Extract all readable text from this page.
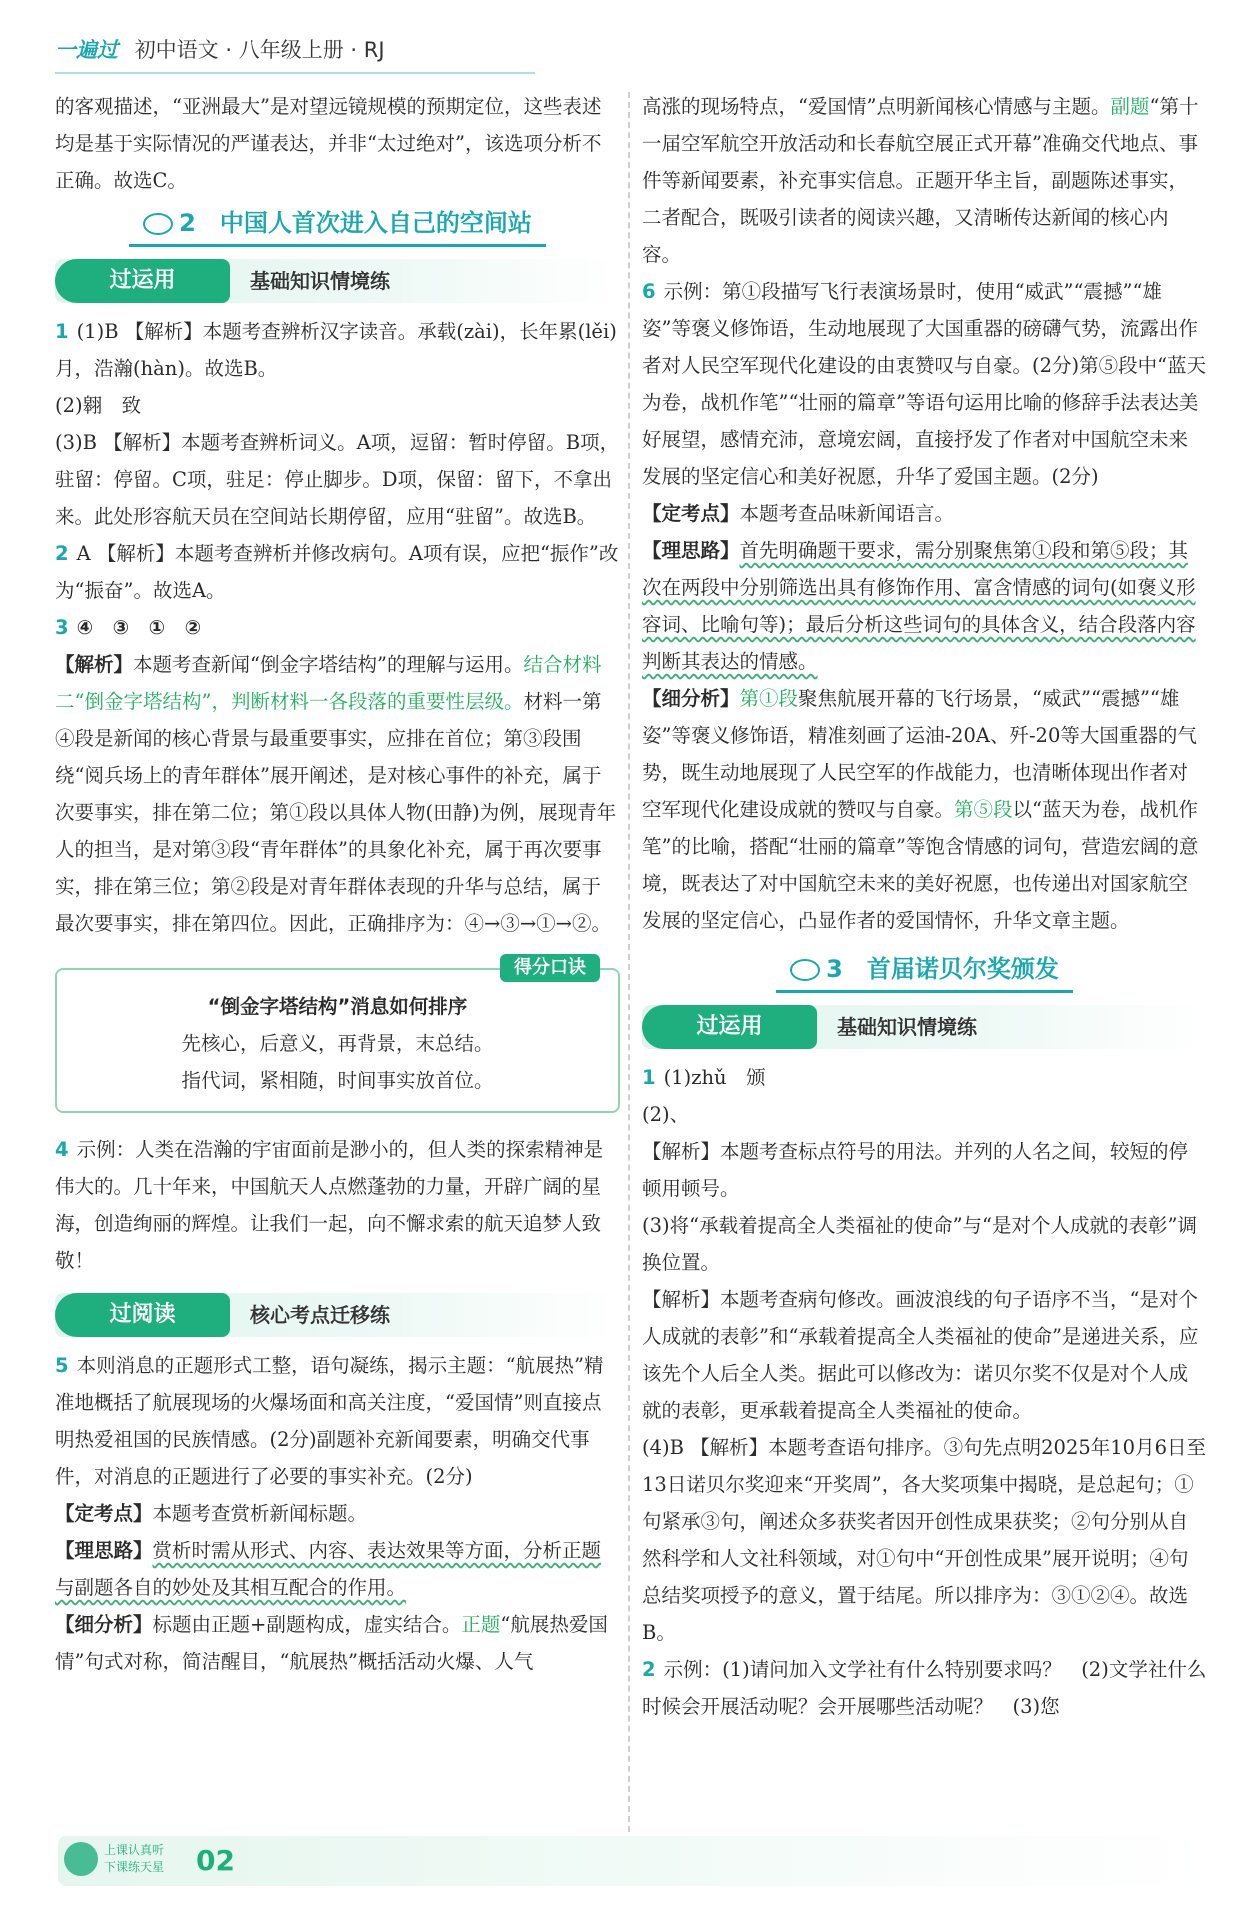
一遍过 初中语文 · 八年级上册 · RJ

的客观描述，“亚洲最大”是对望远镜规模的预期定位，这些表述均是基于实际情况的严谨表达，并非“太过绝对”，该选项分析不正确。故选C。

2　中国人首次进入自己的空间站
过运用	基础知识情境练

1 (1)B 【解析】本题考查辨析汉字读音。承载(zài)，长年累(lěi)月，浩瀚(hàn)。故选B。

(2)翱　致

(3)B 【解析】本题考查辨析词义。A项，逗留：暂时停留。B项，驻留：停留。C项，驻足：停止脚步。D项，保留：留下，不拿出来。此处形容航天员在空间站长期停留，应用“驻留”。故选B。

2 A 【解析】本题考查辨析并修改病句。A项有误，应把“振作”改为“振奋”。故选A。

3 ④　③　①　②

【解析】本题考查新闻“倒金字塔结构”的理解与运用。结合材料二“倒金字塔结构”，判断材料一各段落的重要性层级。材料一第④段是新闻的核心背景与最重要事实，应排在首位；第③段围绕“阅兵场上的青年群体”展开阐述，是对核心事件的补充，属于次要事实，排在第二位；第①段以具体人物(田静)为例，展现青年人的担当，是对第③段“青年群体”的具象化补充，属于再次要事实，排在第三位；第②段是对青年群体表现的升华与总结，属于最次要事实，排在第四位。因此，正确排序为：④→③→①→②。

得分口诀

“倒金字塔结构”消息如何排序

先核心，后意义，再背景，末总结。

指代词，紧相随，时间事实放首位。

4 示例：人类在浩瀚的宇宙面前是渺小的，但人类的探索精神是伟大的。几十年来，中国航天人点燃蓬勃的力量，开辟广阔的星海，创造绚丽的辉煌。让我们一起，向不懈求索的航天追梦人致敬！

过阅读	核心考点迁移练

5 本则消息的正题形式工整，语句凝练，揭示主题：“航展热”精准地概括了航展现场的火爆场面和高关注度，“爱国情”则直接点明热爱祖国的民族情感。(2分)副题补充新闻要素，明确交代事件，对消息的正题进行了必要的事实补充。(2分)

【定考点】本题考查赏析新闻标题。

【理思路】赏析时需从形式、内容、表达效果等方面，分析正题与副题各自的妙处及其相互配合的作用。

【细分析】标题由正题+副题构成，虚实结合。正题“航展热爱国情”句式对称，简洁醒目，“航展热”概括活动火爆、人气

高涨的现场特点，“爱国情”点明新闻核心情感与主题。副题“第十一届空军航空开放活动和长春航空展正式开幕”准确交代地点、事件等新闻要素，补充事实信息。正题开华主旨，副题陈述事实，二者配合，既吸引读者的阅读兴趣，又清晰传达新闻的核心内容。

6 示例：第①段描写飞行表演场景时，使用“威武”“震撼”“雄姿”等褒义修饰语，生动地展现了大国重器的磅礴气势，流露出作者对人民空军现代化建设的由衷赞叹与自豪。(2分)第⑤段中“蓝天为卷，战机作笔”“壮丽的篇章”等语句运用比喻的修辞手法表达美好展望，感情充沛，意境宏阔，直接抒发了作者对中国航空未来发展的坚定信心和美好祝愿，升华了爱国主题。(2分)

【定考点】本题考查品味新闻语言。

【理思路】首先明确题干要求，需分别聚焦第①段和第⑤段；其次在两段中分别筛选出具有修饰作用、富含情感的词句(如褒义形容词、比喻句等)；最后分析这些词句的具体含义，结合段落内容判断其表达的情感。

【细分析】第①段聚焦航展开幕的飞行场景，“威武”“震撼”“雄姿”等褒义修饰语，精准刻画了运油-20A、歼-20等大国重器的气势，既生动地展现了人民空军的作战能力，也清晰体现出作者对空军现代化建设成就的赞叹与自豪。第⑤段以“蓝天为卷，战机作笔”的比喻，搭配“壮丽的篇章”等饱含情感的词句，营造宏阔的意境，既表达了对中国航空未来的美好祝愿，也传递出对国家航空发展的坚定信心，凸显作者的爱国情怀，升华文章主题。

3　首届诺贝尔奖颁发
过运用	基础知识情境练

1 (1)zhǔ　颁

(2)、

【解析】本题考查标点符号的用法。并列的人名之间，较短的停顿用顿号。

(3)将“承载着提高全人类福祉的使命”与“是对个人成就的表彰”调换位置。

【解析】本题考查病句修改。画波浪线的句子语序不当，“是对个人成就的表彰”和“承载着提高全人类福祉的使命”是递进关系，应该先个人后全人类。据此可以修改为：诺贝尔奖不仅是对个人成就的表彰，更承载着提高全人类福祉的使命。

(4)B 【解析】本题考查语句排序。③句先点明2025年10月6日至13日诺贝尔奖迎来“开奖周”，各大奖项集中揭晓，是总起句；①句紧承③句，阐述众多获奖者因开创性成果获奖；②句分别从自然科学和人文社科领域，对①句中“开创性成果”展开说明；④句总结奖项授予的意义，置于结尾。所以排序为：③①②④。故选B。

2 示例：(1)请问加入文学社有什么特别要求吗？　(2)文学社什么时候会开展活动呢？会开展哪些活动呢？　(3)您

上课认真听
下课练天星 02
